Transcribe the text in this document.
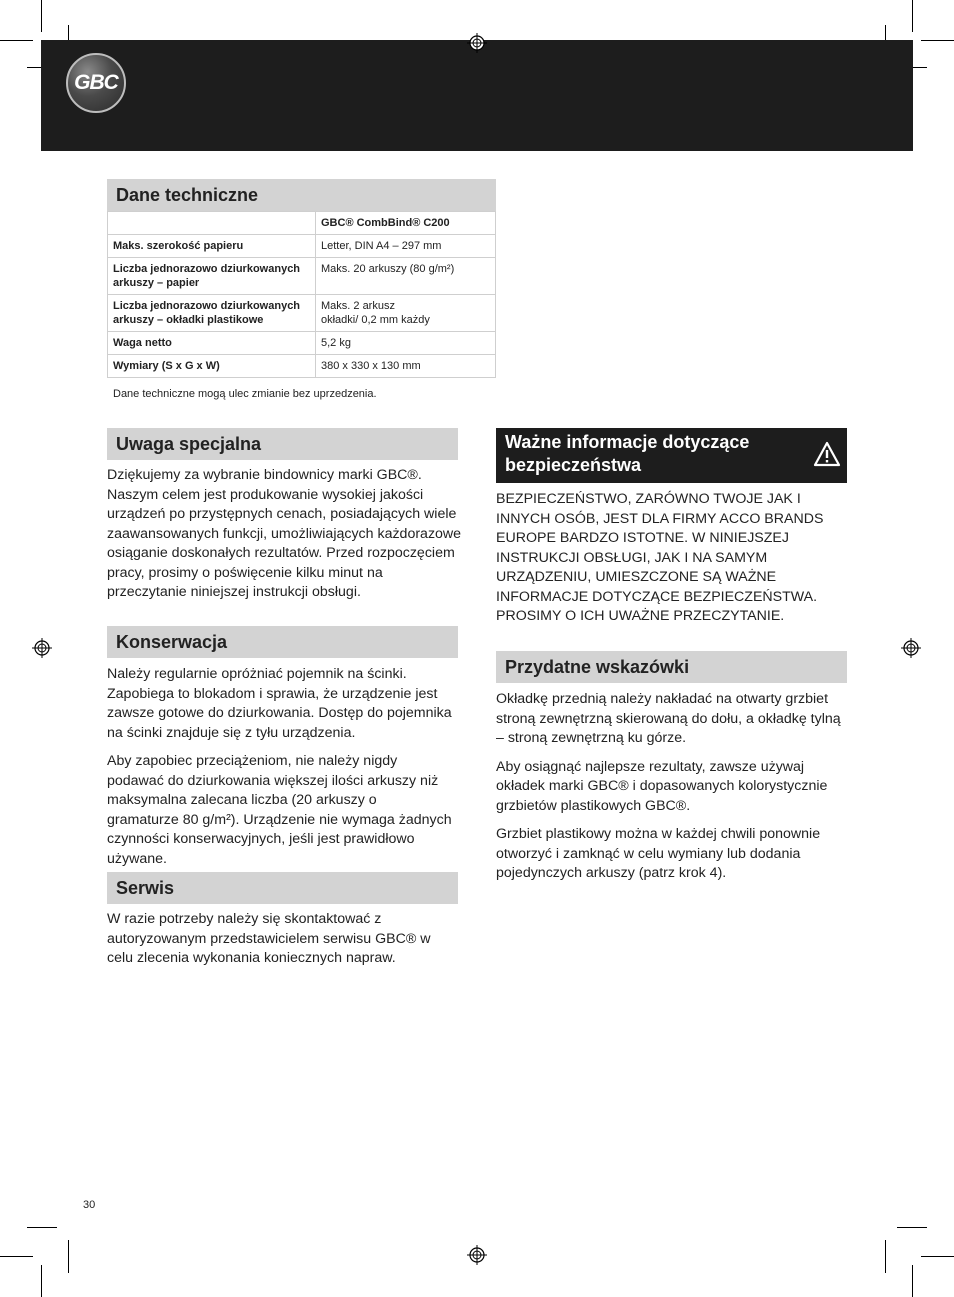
GBC
Dane techniczne
	GBC® CombBind® C200
Maks. szerokość papieru	Letter, DIN A4 – 297 mm
Liczba jednorazowo dziurkowanych arkuszy – papier	Maks. 20 arkuszy (80 g/m²)
Liczba jednorazowo dziurkowanych arkuszy – okładki plastikowe	Maks. 2 arkusz okładki/ 0,2 mm każdy
Waga netto	5,2 kg
Wymiary (S x G x W)	380 x 330 x 130 mm
Dane techniczne mogą ulec zmianie bez uprzedzenia.
Uwaga specjalna

Dziękujemy za wybranie bindownicy marki GBC®. Naszym celem jest produkowanie wysokiej jakości urządzeń po przystępnych cenach, posiadających wiele zaawansowanych funkcji, umożliwiających każdorazowe osiąganie doskonałych rezultatów. Przed rozpoczęciem pracy, prosimy o poświęcenie kilku minut na przeczytanie niniejszej instrukcji obsługi.

Konserwacja

Należy regularnie opróżniać pojemnik na ścinki. Zapobiega to blokadom i sprawia, że urządzenie jest zawsze gotowe do dziurkowania. Dostęp do pojemnika na ścinki znajduje się z tyłu urządzenia.

Aby zapobiec przeciążeniom, nie należy nigdy podawać do dziurkowania większej ilości arkuszy niż maksymalna zalecana liczba (20 arkuszy o gramaturze 80 g/m²). Urządzenie nie wymaga żadnych czynności konserwacyjnych, jeśli jest prawidłowo używane.

Serwis

W razie potrzeby należy się skontaktować z autoryzowanym przedstawicielem serwisu GBC® w celu zlecenia wykonania koniecznych napraw.

Ważne informacje dotyczące bezpieczeństwa

BEZPIECZEŃSTWO, ZARÓWNO TWOJE JAK I INNYCH OSÓB, JEST DLA FIRMY ACCO BRANDS EUROPE BARDZO ISTOTNE. W NINIEJSZEJ INSTRUKCJI OBSŁUGI, JAK I NA SAMYM URZĄDZENIU, UMIESZCZONE SĄ WAŻNE INFORMACJE DOTYCZĄCE BEZPIECZEŃSTWA. PROSIMY O ICH UWAŻNE PRZECZYTANIE.

Przydatne wskazówki

Okładkę przednią należy nakładać na otwarty grzbiet stroną zewnętrzną skierowaną do dołu, a okładkę tylną – stroną zewnętrzną ku górze.

Aby osiągnąć najlepsze rezultaty, zawsze używaj okładek marki GBC® i dopasowanych kolorystycznie grzbietów plastikowych GBC®.

Grzbiet plastikowy można w każdej chwili ponownie otworzyć i zamknąć w celu wymiany lub dodania pojedynczych arkuszy (patrz krok 4).

30
